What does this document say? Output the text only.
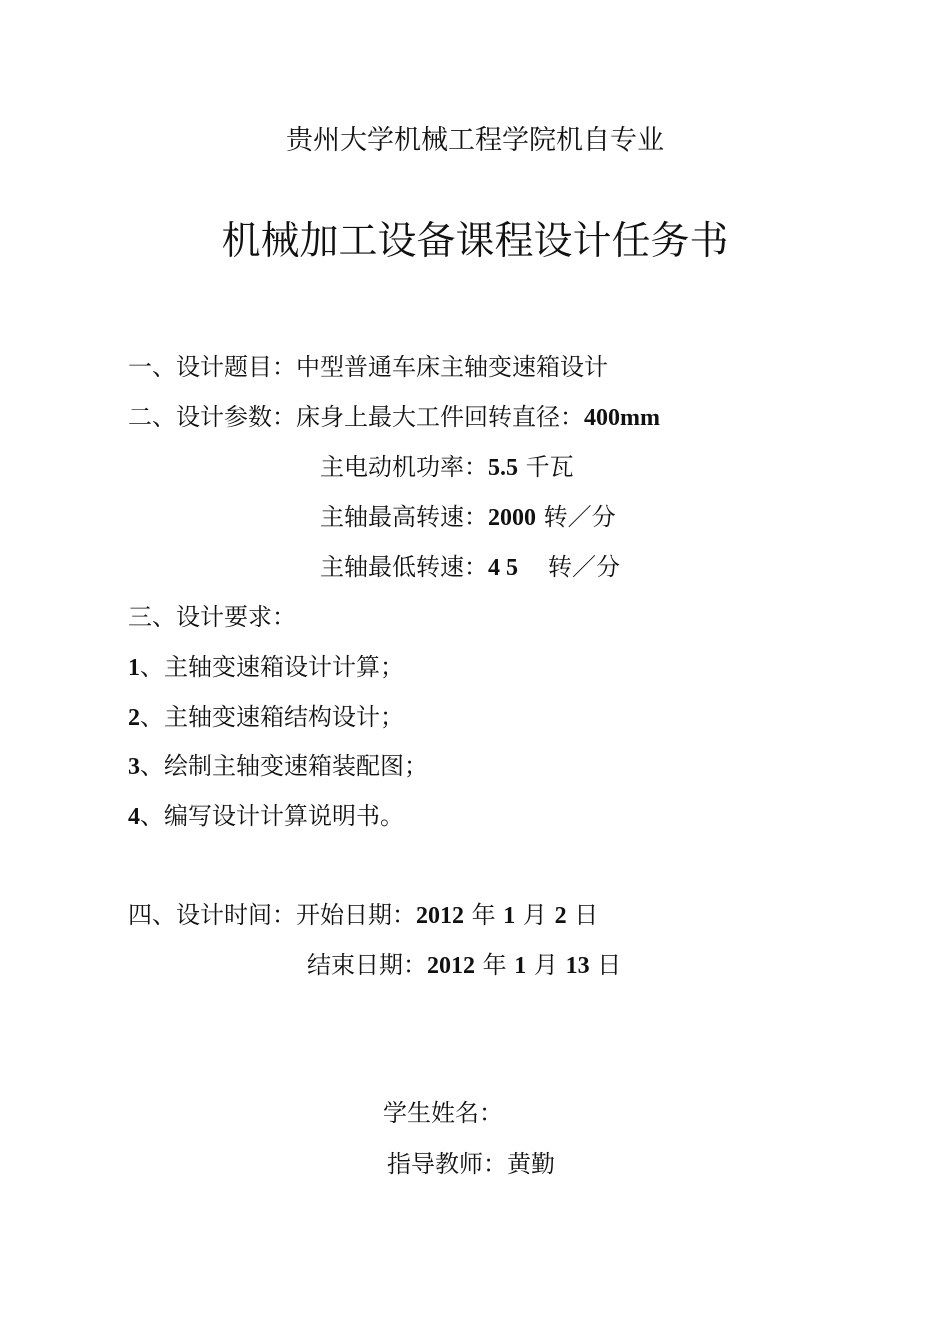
贵州大学机械工程学院机自专业
机械加工设备课程设计任务书
一、设计题目：中型普通车床主轴变速箱设计
二、设计参数：床身上最大工件回转直径：400mm
主电动机功率：5.5 千瓦
主轴最高转速：2000 转／分
主轴最低转速：4 5 转／分
三、设计要求：
1、主轴变速箱设计计算；
2、主轴变速箱结构设计；
3、绘制主轴变速箱装配图；
4、编写设计计算说明书。
四、设计时间：开始日期：2012 年 1 月 2 日
结束日期：2012 年 1 月 13 日
学生姓名：
指导教师：黄勤
